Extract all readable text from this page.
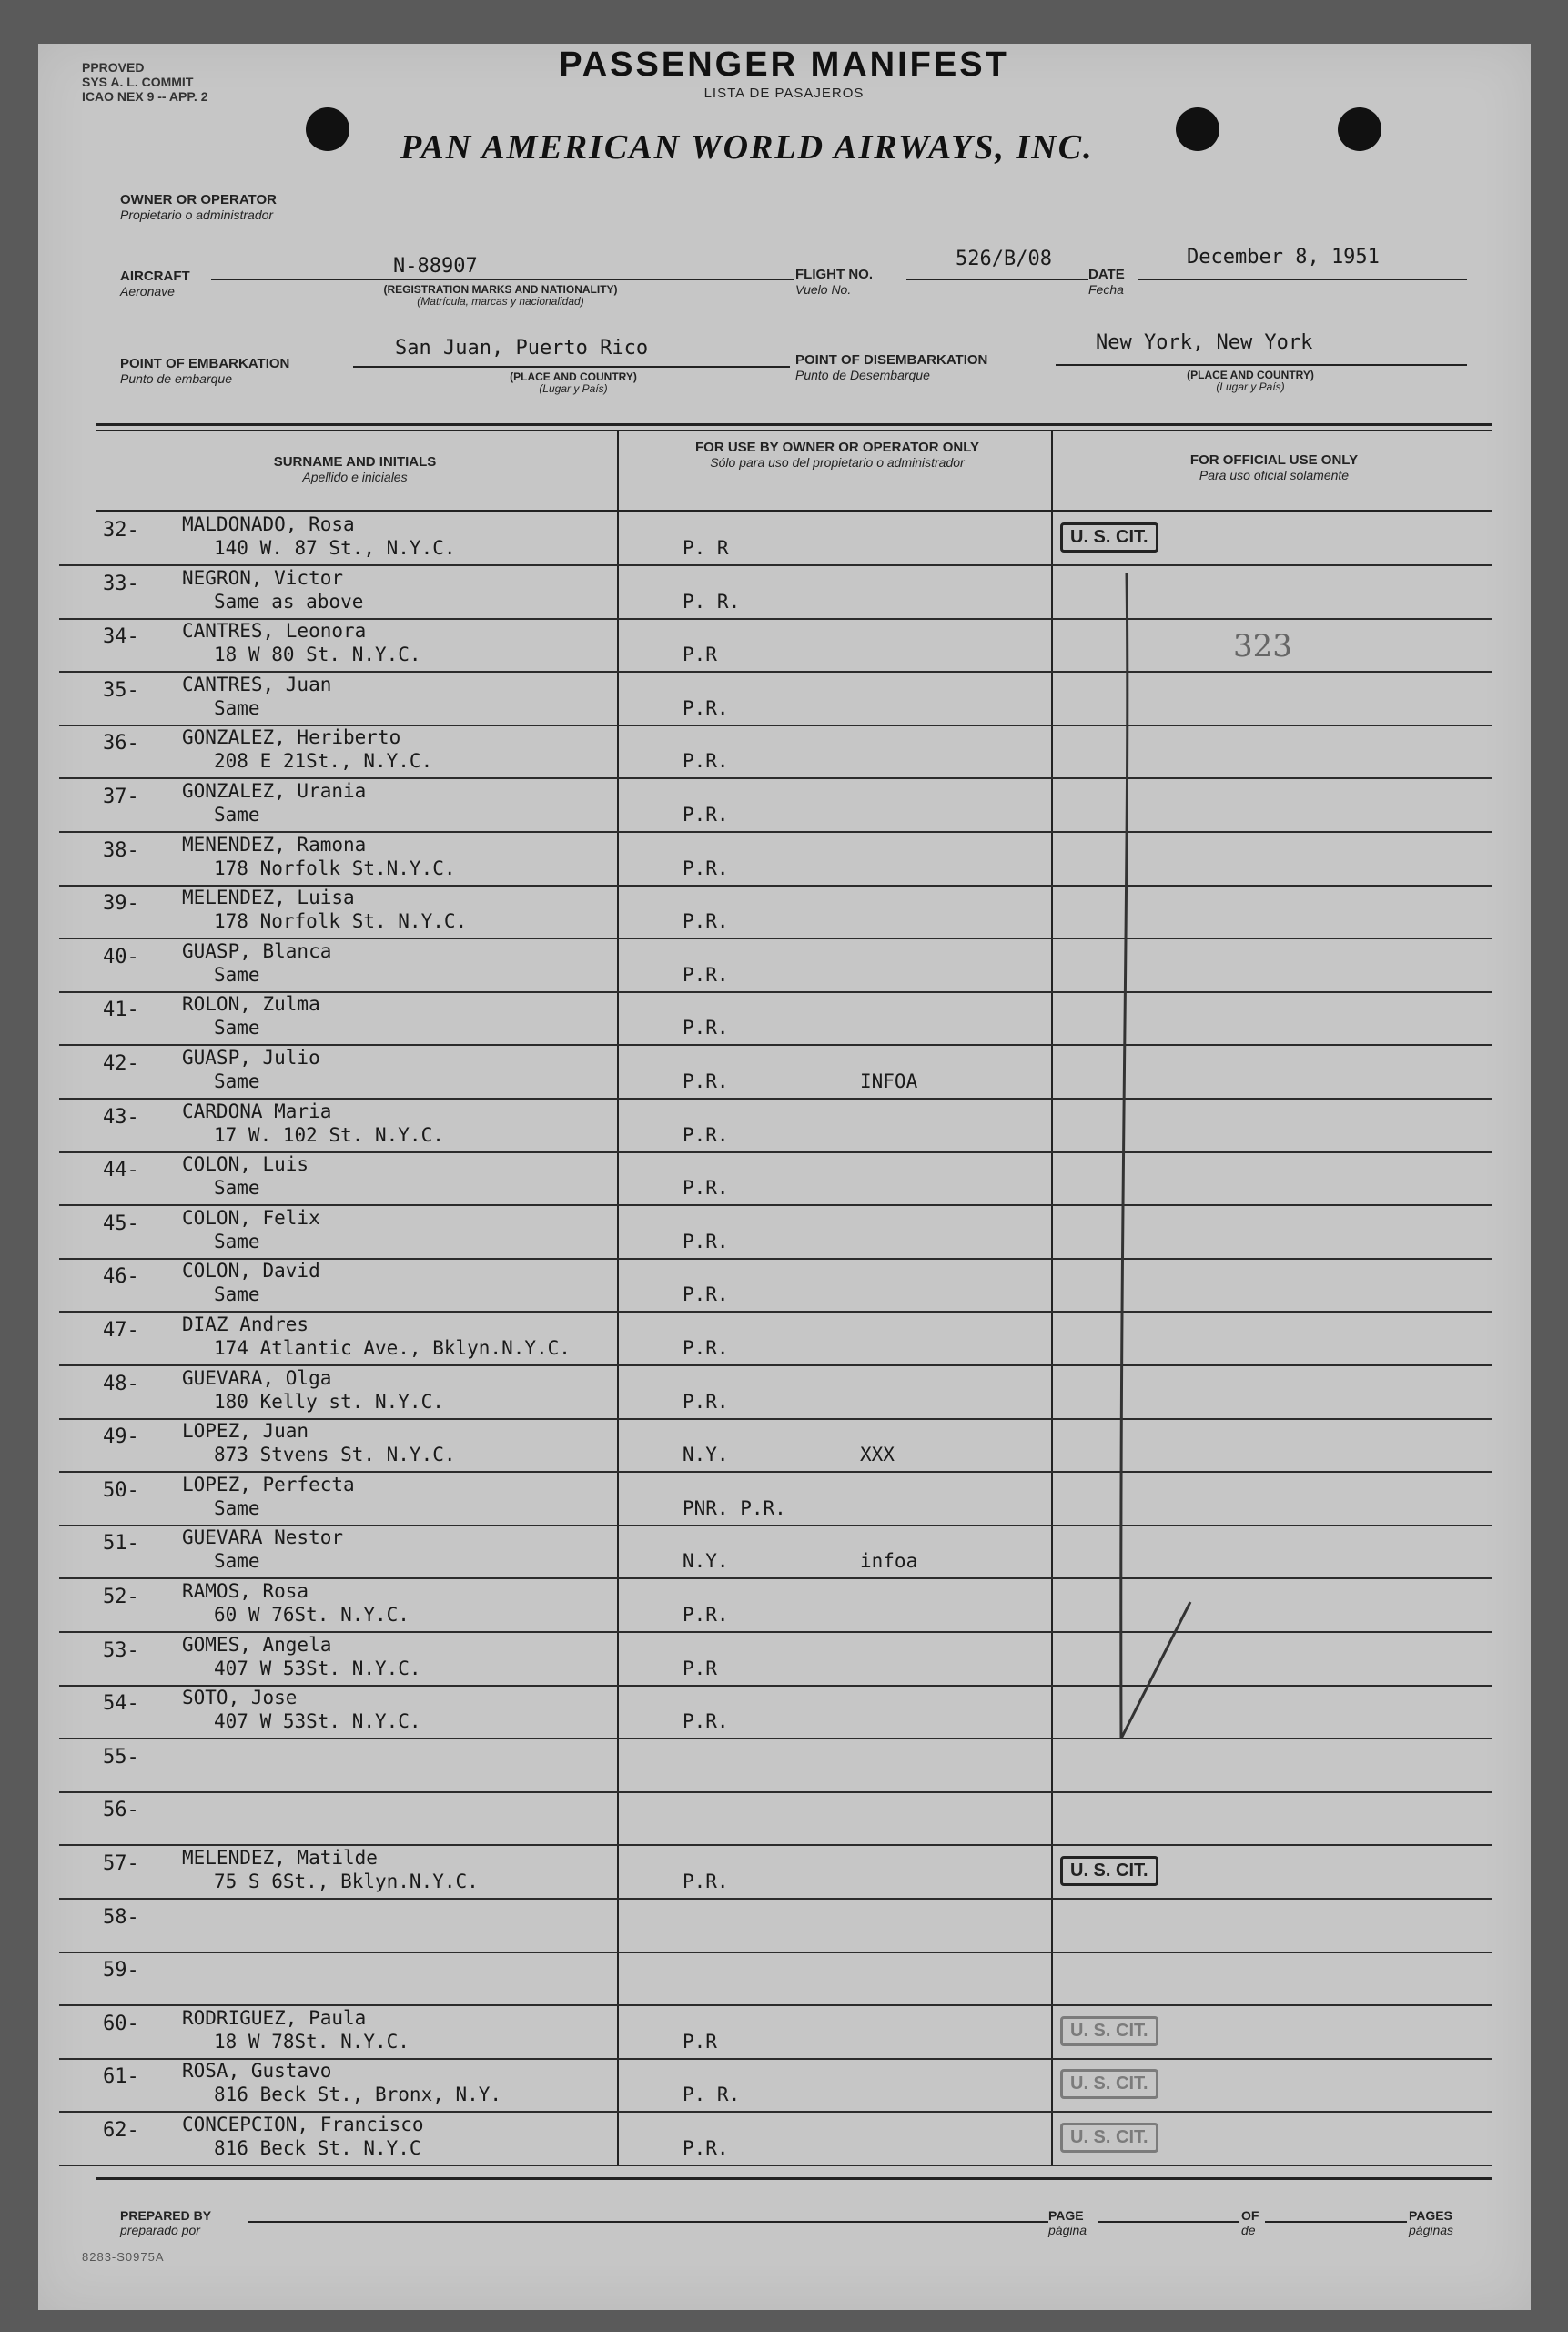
PPROVED
SYS A. L. COMMIT
ICAO NEX 9 -- APP. 2
PASSENGER MANIFEST
LISTA DE PASAJEROS
OWNER OR OPERATOR
Propietario o administrador
PAN AMERICAN WORLD AIRWAYS, INC.
AIRCRAFT
Aeronave
N-88907
(REGISTRATION MARKS AND NATIONALITY)
(Matrícula, marcas y nacionalidad)
FLIGHT NO.
Vuelo No.
526/B/08
DATE
Fecha
December 8, 1951
POINT OF EMBARKATION
Punto de embarque
San Juan, Puerto Rico
(PLACE AND COUNTRY)
(Lugar y País)
POINT OF DISEMBARKATION
Punto de Desembarque
New York, New York
(PLACE AND COUNTRY)
(Lugar y País)
SURNAME AND INITIALS
Apellido e iniciales
FOR USE BY OWNER OR OPERATOR ONLY
Sólo para uso del propietario o administrador	FOR OFFICIAL USE ONLY
Para uso oficial solamente
323
32- MALDONADO, Rosa
140 W. 87 St., N.Y.C.	P. R	U. S. CIT.
33- NEGRON, Victor
Same as above	P. R.
34- CANTRES, Leonora
18 W 80 St. N.Y.C.	P.R
35- CANTRES, Juan
Same	P.R.
36- GONZALEZ, Heriberto
208 E 21St., N.Y.C.	P.R.
37- GONZALEZ, Urania
Same	P.R.
38- MENENDEZ, Ramona
178 Norfolk St.N.Y.C.	P.R.
39- MELENDEZ, Luisa
178 Norfolk St. N.Y.C.	P.R.
40- GUASP, Blanca
Same	P.R.
41- ROLON, Zulma
Same	P.R.
42- GUASP, Julio
Same	P.R.	INFOA
43- CARDONA Maria
17 W. 102 St. N.Y.C.	P.R.
44- COLON, Luis
Same	P.R.
45- COLON, Felix
Same	P.R.
46- COLON, David
Same	P.R.
47- DIAZ Andres
174 Atlantic Ave., Bklyn.N.Y.C.	P.R.
48- GUEVARA, Olga
180 Kelly st. N.Y.C.	P.R.
49- LOPEZ, Juan
873 Stvens St. N.Y.C.	N.Y.	XXX
50- LOPEZ, Perfecta
Same	PNR. P.R.
51- GUEVARA Nestor
Same	N.Y.	infoa
52- RAMOS, Rosa
60 W 76St. N.Y.C.	P.R.
53- GOMES, Angela
407 W 53St. N.Y.C.	P.R
54- SOTO, Jose
407 W 53St. N.Y.C.	P.R.
55-
56-
57- MELENDEZ, Matilde
75 S 6St., Bklyn.N.Y.C.	P.R.	U. S. CIT.
58-
59-
60- RODRIGUEZ, Paula
18 W 78St. N.Y.C.	P.R	U. S. CIT.
61- ROSA, Gustavo
816 Beck St., Bronx, N.Y.	P. R.	U. S. CIT.
62- CONCEPCION, Francisco
816 Beck St. N.Y.C	P.R.	U. S. CIT.
PREPARED BY
preparado por
PAGE
página
OF
de
PAGES
páginas
8283-S0975A
